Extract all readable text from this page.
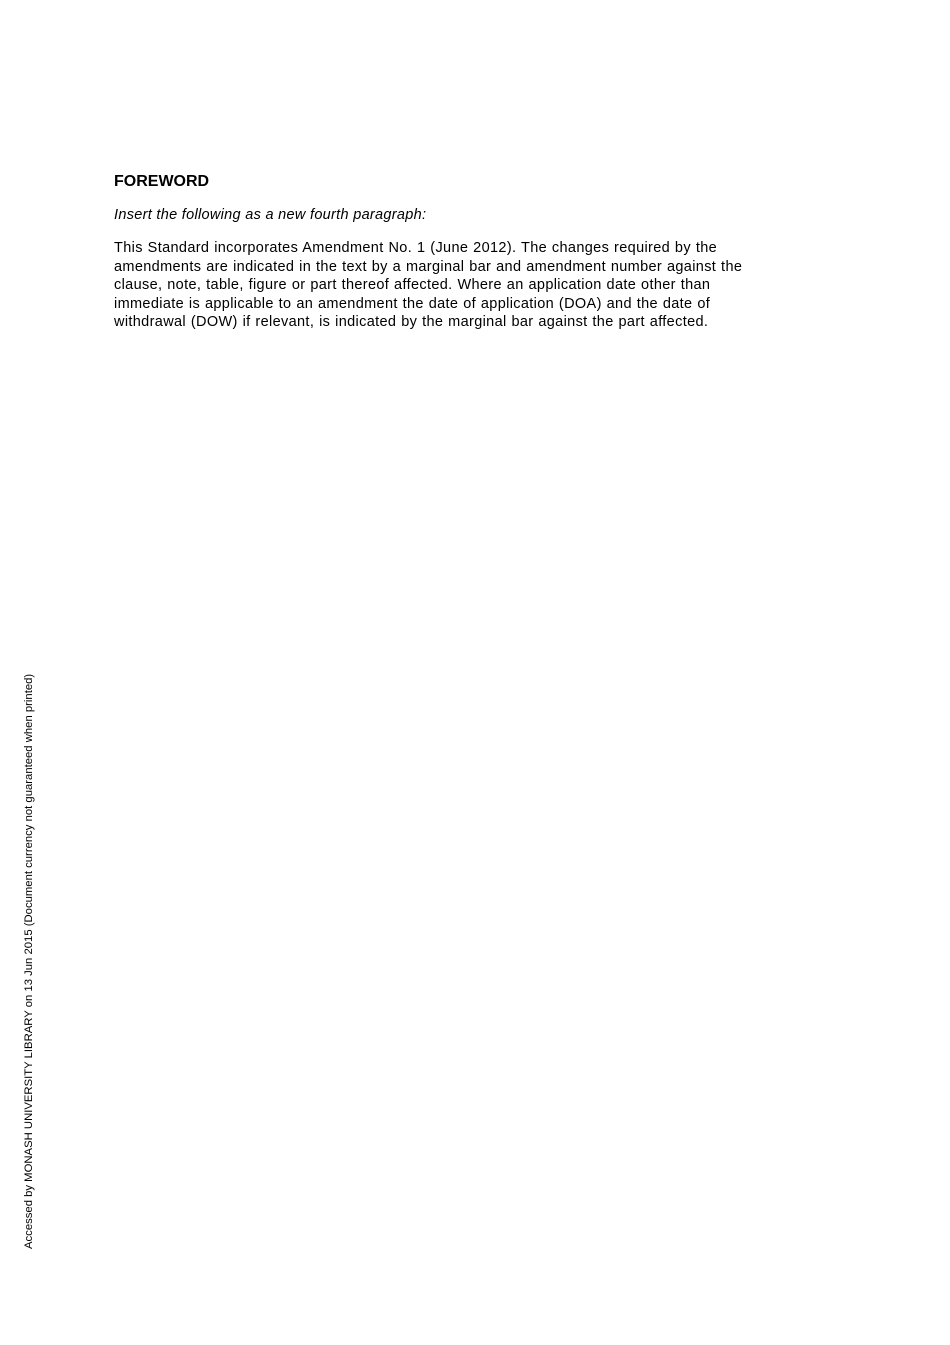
FOREWORD
Insert the following as a new fourth paragraph:
This Standard incorporates Amendment No. 1 (June 2012). The changes required by the
amendments are indicated in the text by a marginal bar and amendment number against the
clause, note, table, figure or part thereof affected. Where an application date other than
immediate is applicable to an amendment the date of application (DOA) and the date of
withdrawal (DOW) if relevant, is indicated by the marginal bar against the part affected.
Accessed by MONASH UNIVERSITY LIBRARY on 13 Jun 2015 (Document currency not guaranteed when printed)
